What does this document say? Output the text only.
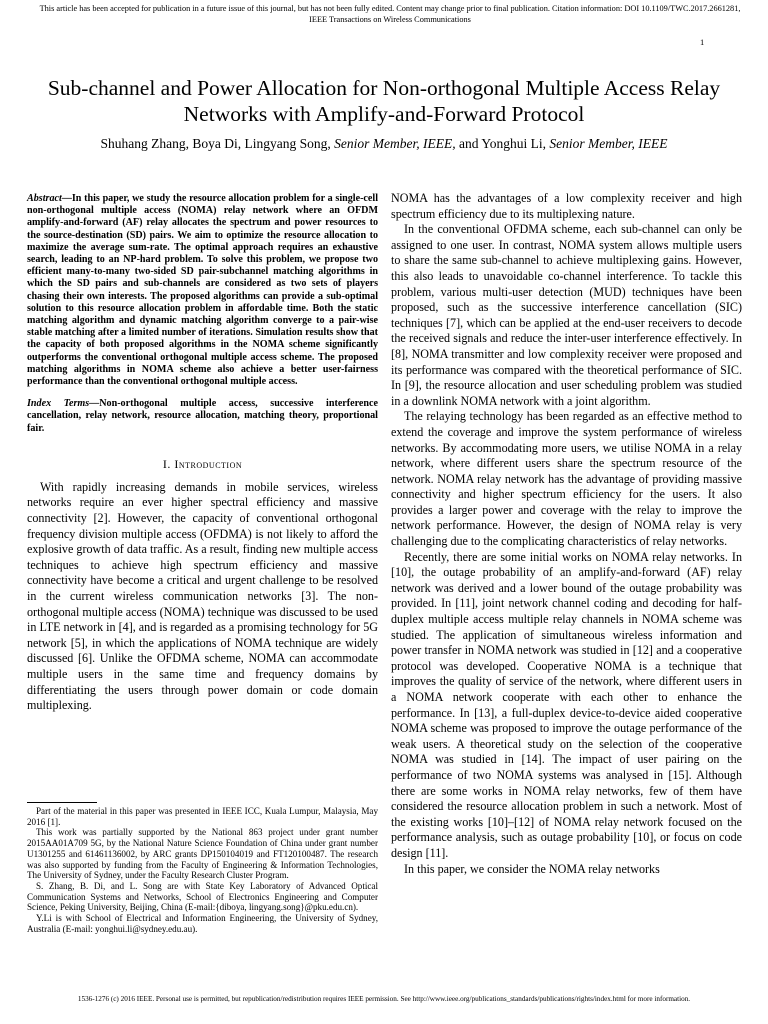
This article has been accepted for publication in a future issue of this journal, but has not been fully edited. Content may change prior to final publication. Citation information: DOI 10.1109/TWC.2017.2661281, IEEE Transactions on Wireless Communications
1
Sub-channel and Power Allocation for Non-orthogonal Multiple Access Relay Networks with Amplify-and-Forward Protocol
Shuhang Zhang, Boya Di, Lingyang Song, Senior Member, IEEE, and Yonghui Li, Senior Member, IEEE

Abstract—In this paper, we study the resource allocation problem for a single-cell non-orthogonal multiple access (NOMA) relay network where an OFDM amplify-and-forward (AF) relay allocates the spectrum and power resources to the source-destination (SD) pairs. We aim to optimize the resource allocation to maximize the average sum-rate. The optimal approach requires an exhaustive search, leading to an NP-hard problem. To solve this problem, we propose two efficient many-to-many two-sided SD pair-subchannel matching algorithms in which the SD pairs and sub-channels are considered as two sets of players chasing their own interests. The proposed algorithms can provide a sub-optimal solution to this resource allocation problem in affordable time. Both the static matching algorithm and dynamic matching algorithm converge to a pair-wise stable matching after a limited number of iterations. Simulation results show that the capacity of both proposed algorithms in the NOMA scheme significantly outperforms the conventional orthogonal multiple access scheme. The proposed matching algorithms in NOMA scheme also achieve a better user-fairness performance than the conventional orthogonal multiple access.

Index Terms—Non-orthogonal multiple access, successive interference cancellation, relay network, resource allocation, matching theory, proportional fair.

I. Introduction

With rapidly increasing demands in mobile services, wireless networks require an ever higher spectral efficiency and massive connectivity [2]. However, the capacity of conventional orthogonal frequency division multiple access (OFDMA) is not likely to afford the explosive growth of data traffic. As a result, finding new multiple access techniques to achieve high spectrum efficiency and massive connectivity have become a critical and urgent challenge to be resolved in the current wireless communication networks [3]. The non-orthogonal multiple access (NOMA) technique was discussed to be used in LTE network in [4], and is regarded as a promising technology for 5G network [5], in which the applications of NOMA technique are widely discussed [6]. Unlike the OFDMA scheme, NOMA can accommodate multiple users in the same time and frequency domains by differentiating the users through power domain or code domain multiplexing.

Part of the material in this paper was presented in IEEE ICC, Kuala Lumpur, Malaysia, May 2016 [1].

This work was partially supported by the National 863 project under grant number 2015AA01A709 5G, by the National Nature Science Foundation of China under grant number U1301255 and 61461136002, by ARC grants DP150104019 and FT120100487. The research was also supported by funding from the Faculty of Engineering & Information Technologies, The University of Sydney, under the Faculty Research Cluster Program.

S. Zhang, B. Di, and L. Song are with State Key Laboratory of Advanced Optical Communication Systems and Networks, School of Electronics Engineering and Computer Science, Peking University, Beijing, China (E-mail:{diboya, lingyang.song}@pku.edu.cn).

Y.Li is with School of Electrical and Information Engineering, the University of Sydney, Australia (E-mail: yonghui.li@sydney.edu.au).

NOMA has the advantages of a low complexity receiver and high spectrum efficiency due to its multiplexing nature.

In the conventional OFDMA scheme, each sub-channel can only be assigned to one user. In contrast, NOMA system allows multiple users to share the same sub-channel to achieve multiplexing gains. However, this also leads to unavoidable co-channel interference. To tackle this problem, various multi-user detection (MUD) techniques have been proposed, such as the successive interference cancellation (SIC) techniques [7], which can be applied at the end-user receivers to decode the received signals and reduce the inter-user interference effectively. In [8], NOMA transmitter and low complexity receiver were proposed and its performance was compared with the theoretical performance of SIC. In [9], the resource allocation and user scheduling problem was studied in a downlink NOMA network with a joint algorithm.

The relaying technology has been regarded as an effective method to extend the coverage and improve the system performance of wireless networks. By accommodating more users, we utilise NOMA in a relay network, where different users share the spectrum resource of the network. NOMA relay network has the advantage of providing massive connectivity and higher spectrum efficiency for the users. It also provides a larger power and coverage with the relay to improve the network performance. However, the design of NOMA relay is very challenging due to the complicating characteristics of relay networks.

Recently, there are some initial works on NOMA relay networks. In [10], the outage probability of an amplify-and-forward (AF) relay network was derived and a lower bound of the outage probability was provided. In [11], joint network channel coding and decoding for half-duplex multiple access multiple relay channels in NOMA scheme was studied. The application of simultaneous wireless information and power transfer in NOMA network was studied in [12] and a cooperative protocol was developed. Cooperative NOMA is a technique that improves the quality of service of the network, where different users in a NOMA network cooperate with each other to enhance the performance. In [13], a full-duplex device-to-device aided cooperative NOMA scheme was proposed to improve the outage performance of the weak users. A theoretical study on the selection of the cooperative NOMA was studied in [14]. The impact of user pairing on the performance of two NOMA systems was analysed in [15]. Although there are some works in NOMA relay networks, few of them have considered the resource allocation problem in such a network. Most of the existing works [10]–[12] of NOMA relay network focused on the performance analysis, such as outage probability [10], or focus on code design [11].

In this paper, we consider the NOMA relay networks

1536-1276 (c) 2016 IEEE. Personal use is permitted, but republication/redistribution requires IEEE permission. See http://www.ieee.org/publications_standards/publications/rights/index.html for more information.
